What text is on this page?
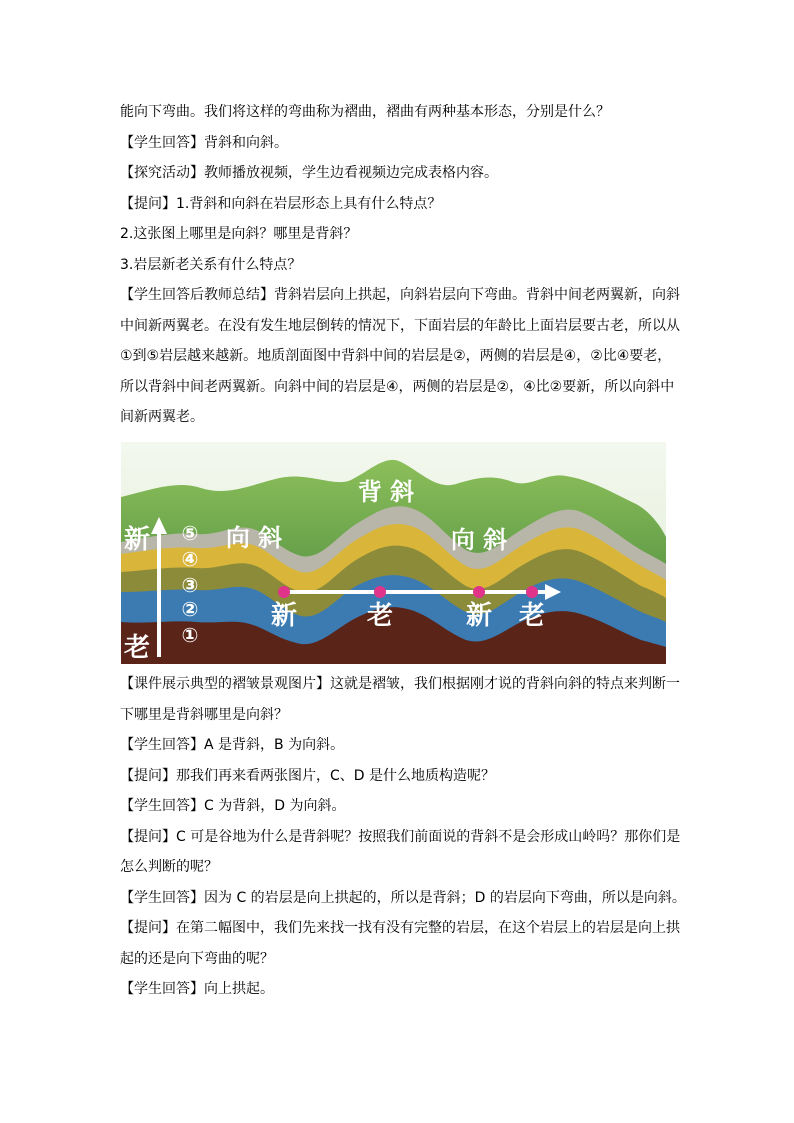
能向下弯曲。我们将这样的弯曲称为褶曲，褶曲有两种基本形态，分别是什么？
【学生回答】背斜和向斜。
【探究活动】教师播放视频，学生边看视频边完成表格内容。
【提问】1.背斜和向斜在岩层形态上具有什么特点？
2.这张图上哪里是向斜？哪里是背斜？
3.岩层新老关系有什么特点？
【学生回答后教师总结】背斜岩层向上拱起，向斜岩层向下弯曲。背斜中间老两翼新，向斜
中间新两翼老。在没有发生地层倒转的情况下，下面岩层的年龄比上面岩层要古老，所以从
①到⑤岩层越来越新。地质剖面图中背斜中间的岩层是②，两侧的岩层是④，②比④要老，
所以背斜中间老两翼新。向斜中间的岩层是④，两侧的岩层是②，④比②要新，所以向斜中
间新两翼老。
背 斜
向 斜	向 斜
新
老
⑤
④
③
②
①
新	老	新 老
【课件展示典型的褶皱景观图片】这就是褶皱，我们根据刚才说的背斜向斜的特点来判断一
下哪里是背斜哪里是向斜？
【学生回答】A 是背斜，B 为向斜。
【提问】那我们再来看两张图片，C、D 是什么地质构造呢？
【学生回答】C 为背斜，D 为向斜。
【提问】C 可是谷地为什么是背斜呢？按照我们前面说的背斜不是会形成山岭吗？那你们是
怎么判断的呢？
【学生回答】因为 C 的岩层是向上拱起的，所以是背斜；D 的岩层向下弯曲，所以是向斜。
【提问】在第二幅图中，我们先来找一找有没有完整的岩层，在这个岩层上的岩层是向上拱
起的还是向下弯曲的呢？
【学生回答】向上拱起。
